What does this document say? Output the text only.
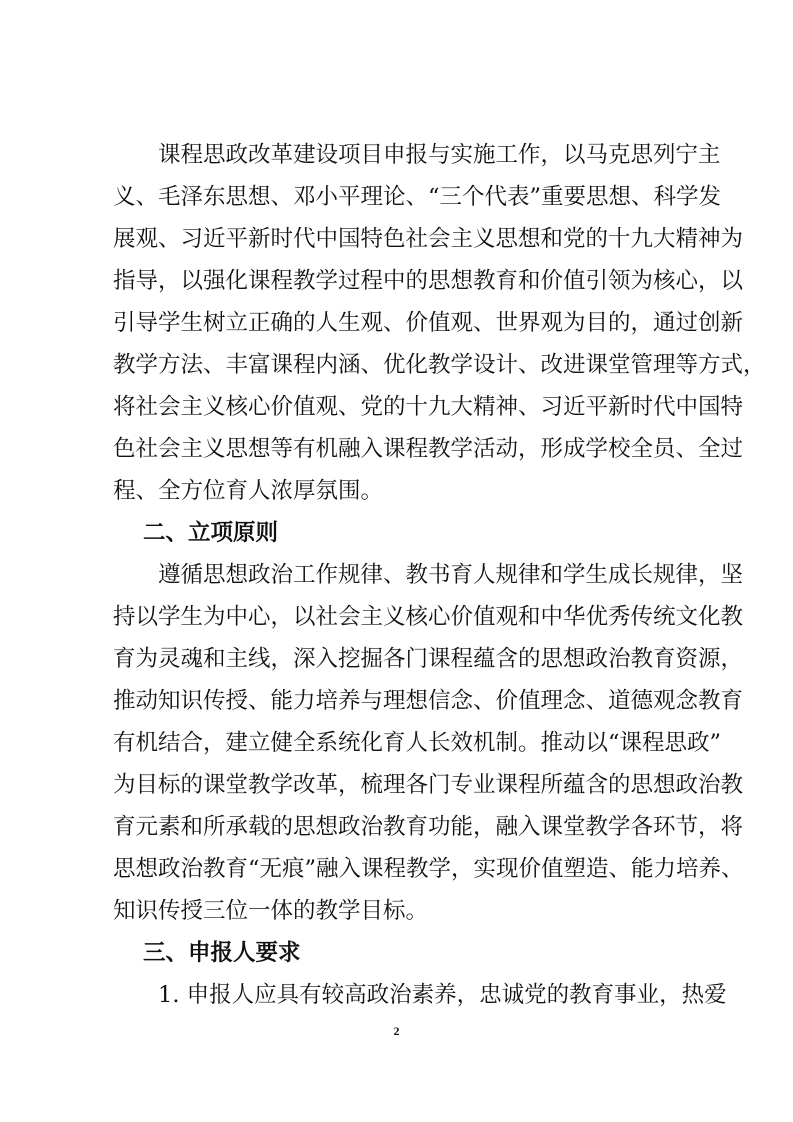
课程思政改革建设项目申报与实施工作，以马克思列宁主
义、毛泽东思想、邓小平理论、“三个代表”重要思想、科学发
展观、习近平新时代中国特色社会主义思想和党的十九大精神为
指导，以强化课程教学过程中的思想教育和价值引领为核心，以
引导学生树立正确的人生观、价值观、世界观为目的，通过创新
教学方法、丰富课程内涵、优化教学设计、改进课堂管理等方式，
将社会主义核心价值观、党的十九大精神、习近平新时代中国特
色社会主义思想等有机融入课程教学活动，形成学校全员、全过
程、全方位育人浓厚氛围。
二、立项原则
遵循思想政治工作规律、教书育人规律和学生成长规律，坚
持以学生为中心，以社会主义核心价值观和中华优秀传统文化教
育为灵魂和主线，深入挖掘各门课程蕴含的思想政治教育资源，
推动知识传授、能力培养与理想信念、价值理念、道德观念教育
有机结合，建立健全系统化育人长效机制。推动以“课程思政”
为目标的课堂教学改革，梳理各门专业课程所蕴含的思想政治教
育元素和所承载的思想政治教育功能，融入课堂教学各环节，将
思想政治教育“无痕”融入课程教学，实现价值塑造、能力培养、
知识传授三位一体的教学目标。
三、申报人要求
1. 申报人应具有较高政治素养，忠诚党的教育事业，热爱
2
